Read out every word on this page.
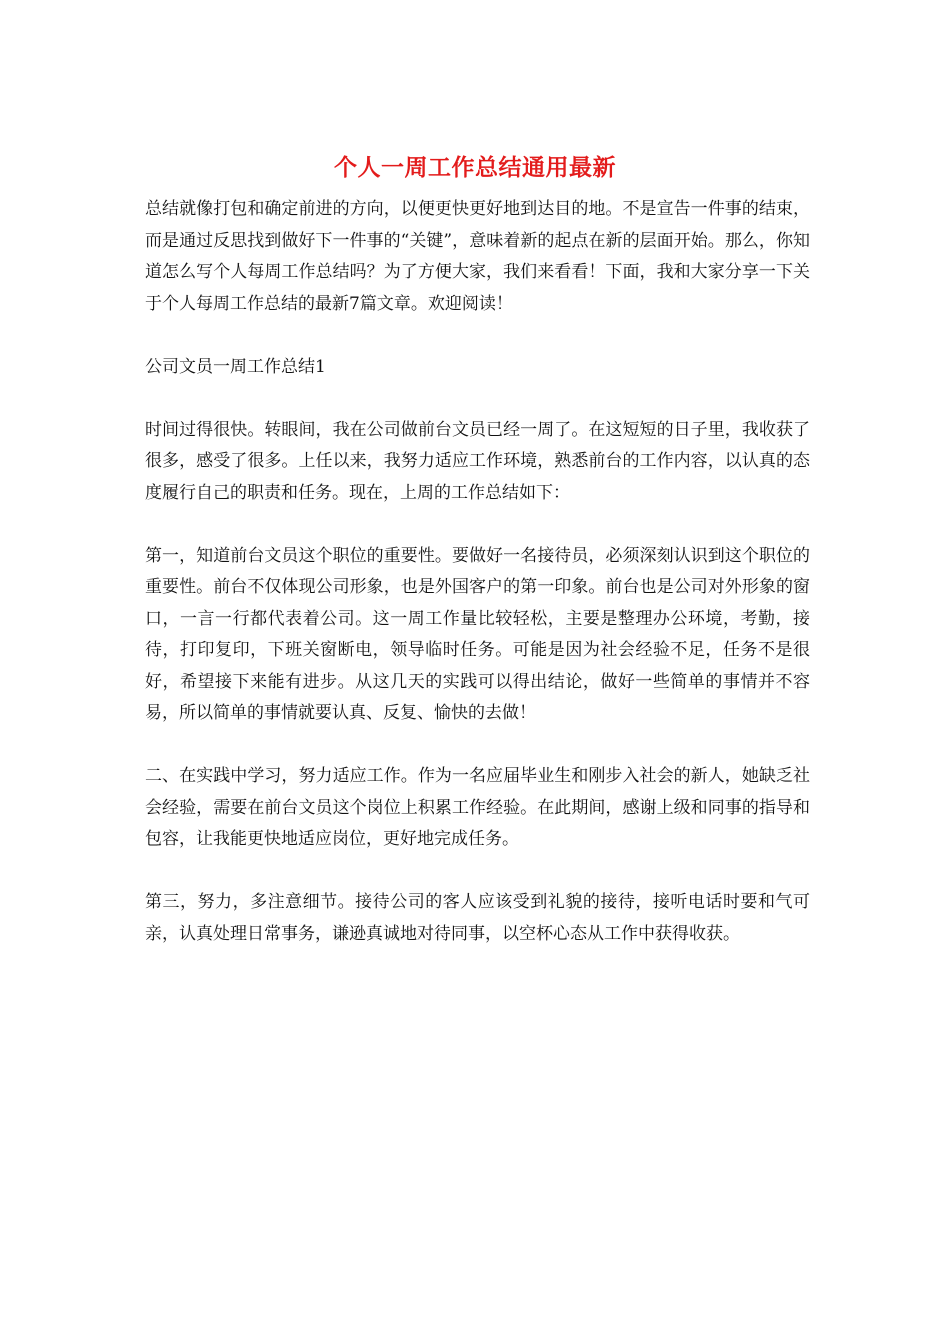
个人一周工作总结通用最新

总结就像打包和确定前进的方向，以便更快更好地到达目的地。不是宣告一件事的结束，而是通过反思找到做好下一件事的“关键”，意味着新的起点在新的层面开始。那么，你知道怎么写个人每周工作总结吗？为了方便大家，我们来看看！下面，我和大家分享一下关于个人每周工作总结的最新7篇文章。欢迎阅读！

公司文员一周工作总结1

时间过得很快。转眼间，我在公司做前台文员已经一周了。在这短短的日子里，我收获了很多，感受了很多。上任以来，我努力适应工作环境，熟悉前台的工作内容，以认真的态度履行自己的职责和任务。现在，上周的工作总结如下：

第一，知道前台文员这个职位的重要性。要做好一名接待员，必须深刻认识到这个职位的重要性。前台不仅体现公司形象，也是外国客户的第一印象。前台也是公司对外形象的窗口，一言一行都代表着公司。这一周工作量比较轻松，主要是整理办公环境，考勤，接待，打印复印，下班关窗断电，领导临时任务。可能是因为社会经验不足，任务不是很好，希望接下来能有进步。从这几天的实践可以得出结论，做好一些简单的事情并不容易，所以简单的事情就要认真、反复、愉快的去做！

二、在实践中学习，努力适应工作。作为一名应届毕业生和刚步入社会的新人，她缺乏社会经验，需要在前台文员这个岗位上积累工作经验。在此期间，感谢上级和同事的指导和包容，让我能更快地适应岗位，更好地完成任务。

第三，努力，多注意细节。接待公司的客人应该受到礼貌的接待，接听电话时要和气可亲，认真处理日常事务，谦逊真诚地对待同事，以空杯心态从工作中获得收获。
